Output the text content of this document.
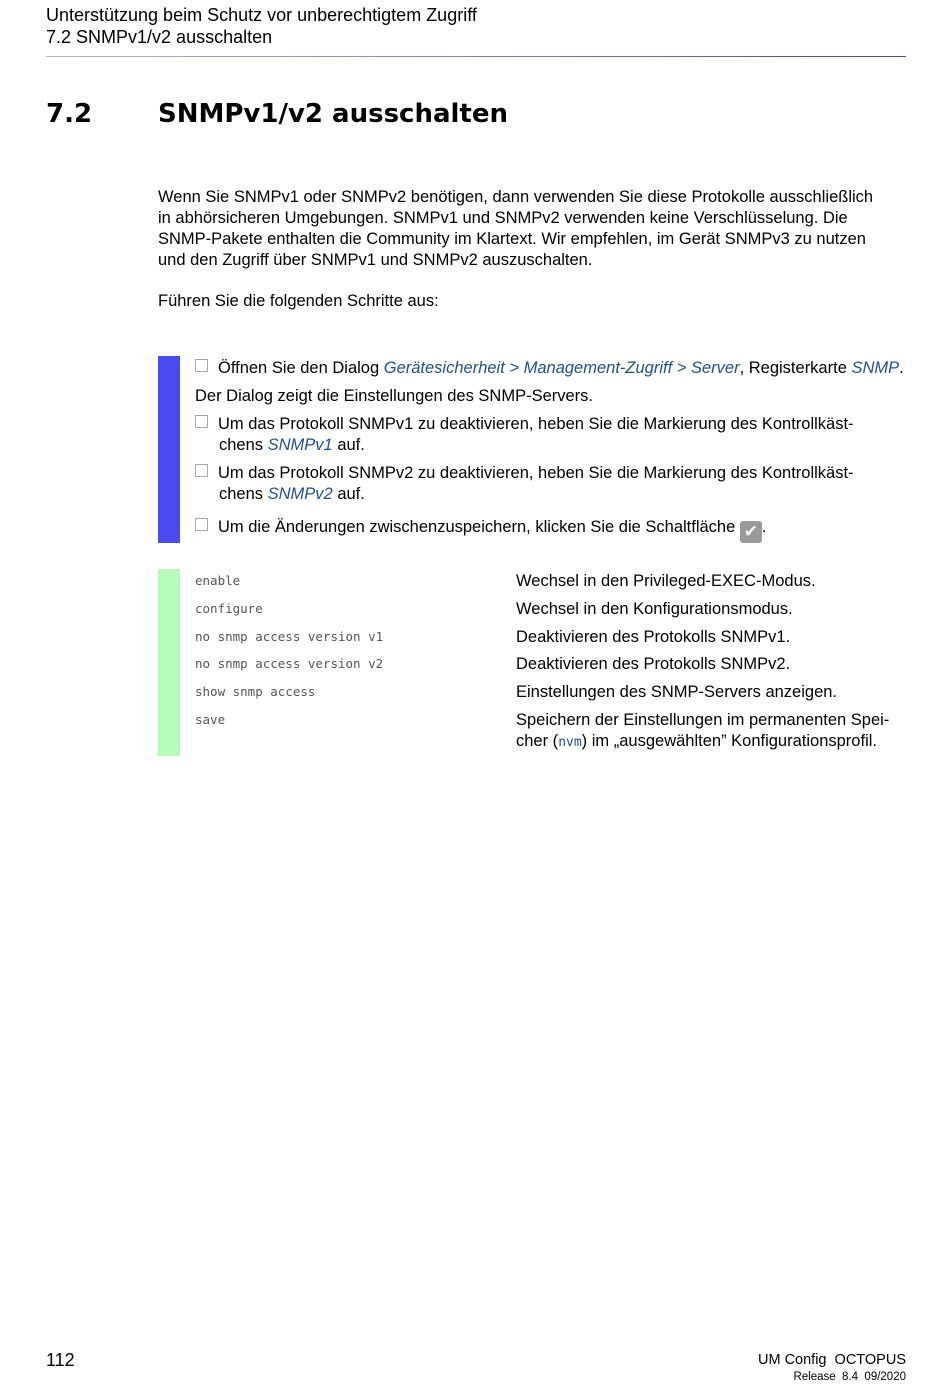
Unterstützung beim Schutz vor unberechtigtem Zugriff
7.2 SNMPv1/v2 ausschalten
7.2	SNMPv1/v2 ausschalten
Wenn Sie SNMPv1 oder SNMPv2 benötigen, dann verwenden Sie diese Protokolle ausschließlich
in abhörsicheren Umgebungen. SNMPv1 und SNMPv2 verwenden keine Verschlüsselung. Die
SNMP-Pakete enthalten die Community im Klartext. Wir empfehlen, im Gerät SNMPv3 zu nutzen
und den Zugriff über SNMPv1 und SNMPv2 auszuschalten.
Führen Sie die folgenden Schritte aus:
Öffnen Sie den Dialog Gerätesicherheit > Management-Zugriff > Server, Registerkarte SNMP.
Der Dialog zeigt die Einstellungen des SNMP-Servers.
Um das Protokoll SNMPv1 zu deaktivieren, heben Sie die Markierung des Kontrollkäst-
chens SNMPv1 auf.
Um das Protokoll SNMPv2 zu deaktivieren, heben Sie die Markierung des Kontrollkäst-
chens SNMPv2 auf.
Um die Änderungen zwischenzuspeichern, klicken Sie die Schaltfläche ✔ .
enable	Wechsel in den Privileged-EXEC-Modus.
configure	Wechsel in den Konfigurationsmodus.
no snmp access version v1	Deaktivieren des Protokolls SNMPv1.
no snmp access version v2	Deaktivieren des Protokolls SNMPv2.
show snmp access	Einstellungen des SNMP-Servers anzeigen.
save	Speichern der Einstellungen im permanenten Spei-
cher (nvm) im „ausgewählten” Konfigurationsprofil.
112	UM Config  OCTOPUS
Release  8.4  09/2020
